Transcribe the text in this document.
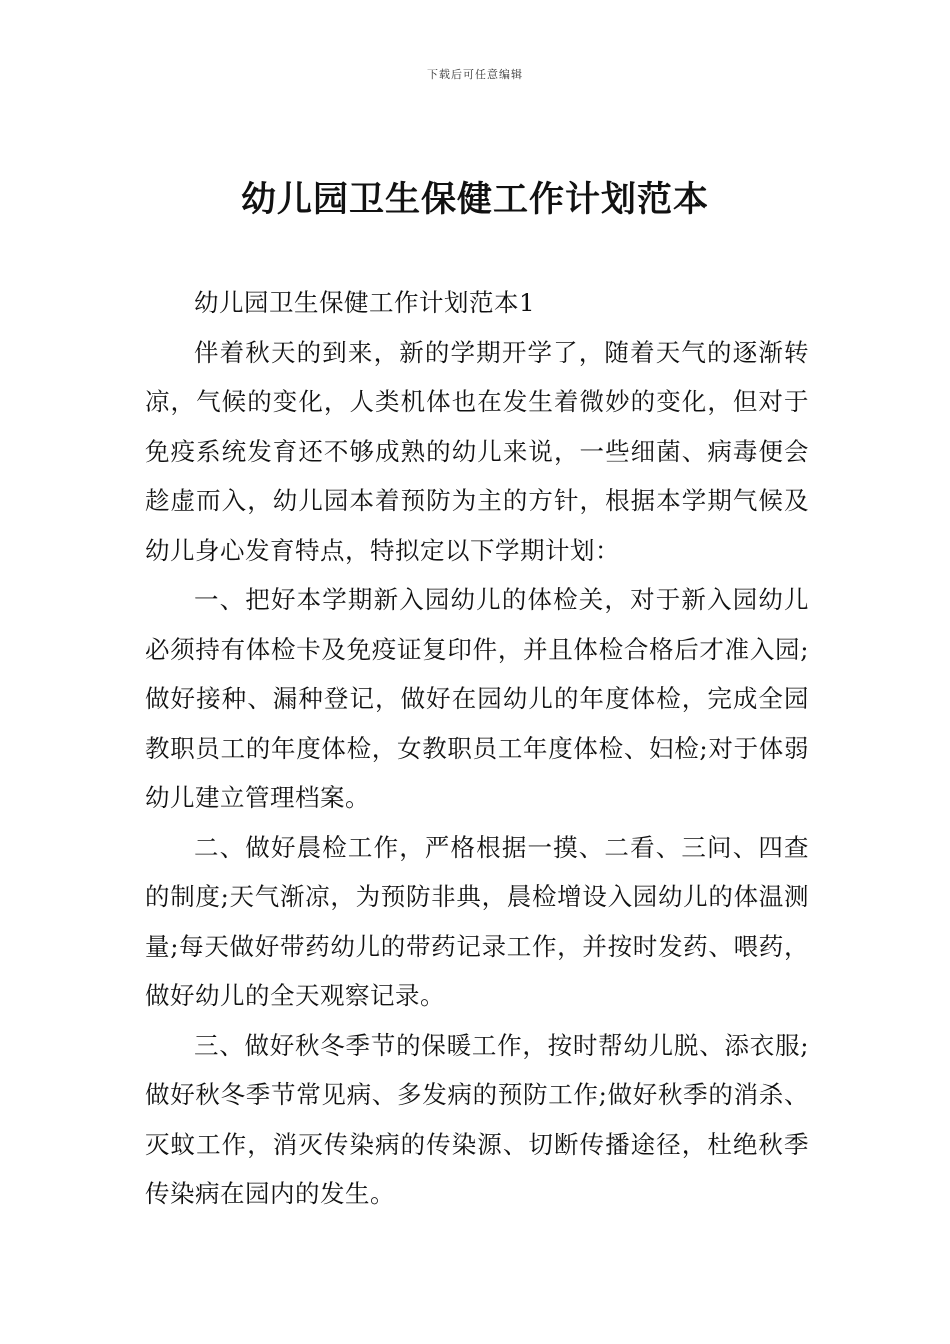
下载后可任意编辑
幼儿园卫生保健工作计划范本

幼儿园卫生保健工作计划范本1

伴着秋天的到来，新的学期开学了，随着天气的逐渐转凉，气候的变化，人类机体也在发生着微妙的变化，但对于免疫系统发育还不够成熟的幼儿来说，一些细菌、病毒便会趁虚而入，幼儿园本着预防为主的方针，根据本学期气候及幼儿身心发育特点，特拟定以下学期计划：

一、把好本学期新入园幼儿的体检关，对于新入园幼儿必须持有体检卡及免疫证复印件，并且体检合格后才准入园;做好接种、漏种登记，做好在园幼儿的年度体检，完成全园教职员工的年度体检，女教职员工年度体检、妇检;对于体弱幼儿建立管理档案。

二、做好晨检工作，严格根据一摸、二看、三问、四查的制度;天气渐凉，为预防非典，晨检增设入园幼儿的体温测量;每天做好带药幼儿的带药记录工作，并按时发药、喂药，做好幼儿的全天观察记录。

三、做好秋冬季节的保暖工作，按时帮幼儿脱、添衣服;做好秋冬季节常见病、多发病的预防工作;做好秋季的消杀、灭蚊工作，消灭传染病的传染源、切断传播途径，杜绝秋季传染病在园内的发生。
